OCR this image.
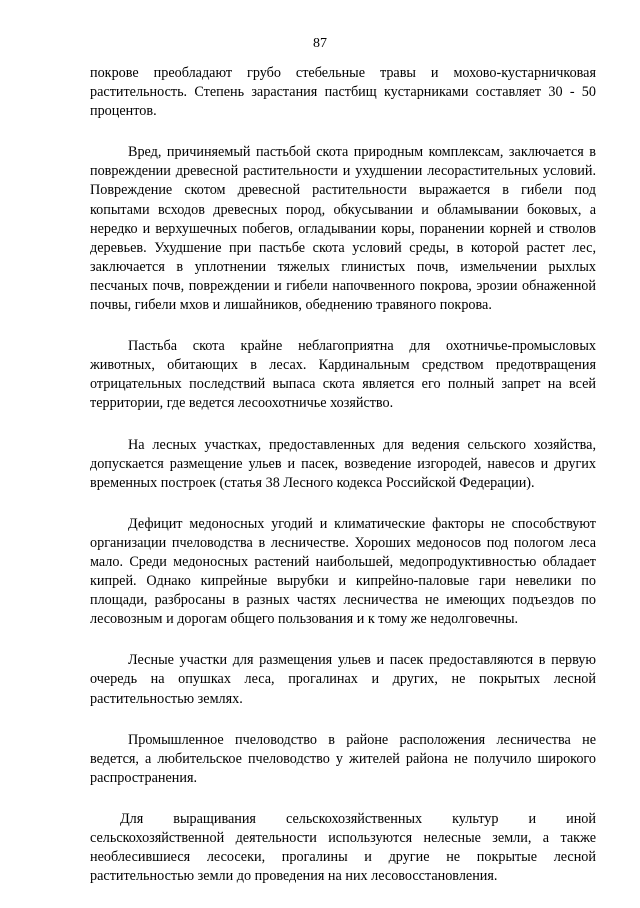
87

покрове преобладают грубо стебельные травы и мохово-кустарничковая растительность. Степень зарастания пастбищ кустарниками составляет 30 - 50 процентов.

Вред, причиняемый пастьбой скота природным комплексам, заключается в повреждении древесной растительности и ухудшении лесорастительных условий. Повреждение скотом древесной растительности выражается в гибели под копытами всходов древесных пород, обкусывании и обламывании боковых, а нередко и верхушечных побегов, огладывании коры, поранении корней и стволов деревьев. Ухудшение при пастьбе скота условий среды, в которой растет лес, заключается в уплотнении тяжелых глинистых почв, измельчении рыхлых песчаных почв, повреждении и гибели напочвенного покрова, эрозии обнаженной почвы, гибели мхов и лишайников, обеднению травяного покрова.

Пастьба скота крайне неблагоприятна для охотничье-промысловых животных, обитающих в лесах. Кардинальным средством предотвращения отрицательных последствий выпаса скота является его полный запрет на всей территории, где ведется лесоохотничье хозяйство.

На лесных участках, предоставленных для ведения сельского хозяйства, допускается размещение ульев и пасек, возведение изгородей, навесов и других временных построек (статья 38 Лесного кодекса Российской Федерации).

Дефицит медоносных угодий и климатические факторы не способствуют организации пчеловодства в лесничестве. Хороших медоносов под пологом леса мало. Среди медоносных растений наибольшей, медопродуктивностью обладает кипрей. Однако кипрейные вырубки и кипрейно-паловые гари невелики по площади, разбросаны в разных частях лесничества не имеющих подъездов по лесовозным и дорогам общего пользования и к тому же недолговечны.

Лесные участки для размещения ульев и пасек предоставляются в первую очередь на опушках леса, прогалинах и других, не покрытых лесной растительностью землях.

Промышленное пчеловодство в районе расположения лесничества не ведется, а любительское пчеловодство у жителей района не получило широкого распространения.

Для выращивания сельскохозяйственных культур и иной сельскохозяйственной деятельности используются нелесные земли, а также необлесившиеся лесосеки, прогалины и другие не покрытые лесной растительностью земли до проведения на них лесовосстановления.
